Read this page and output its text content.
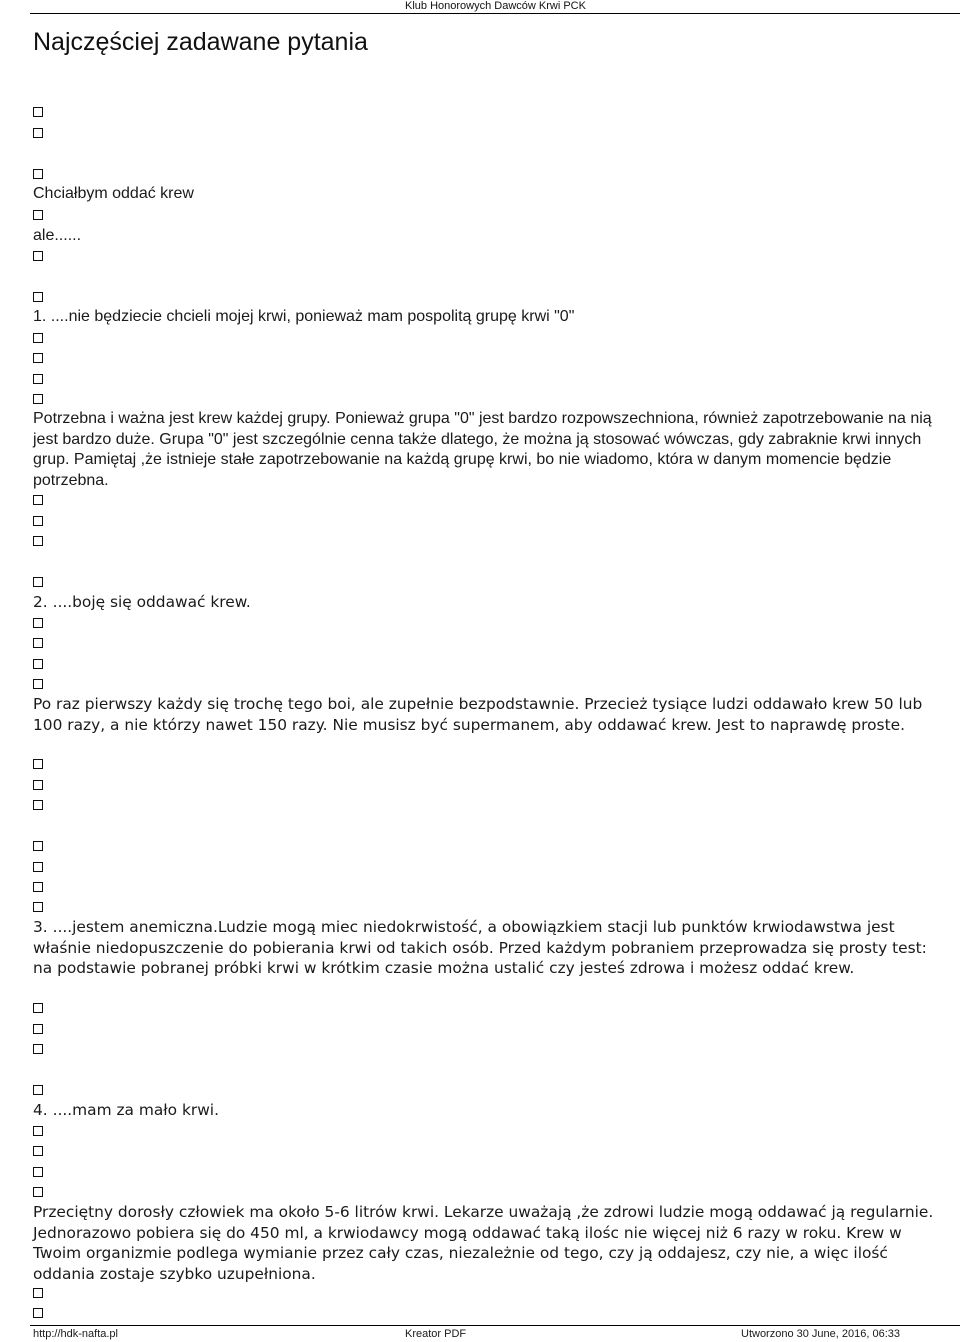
Klub Honorowych Dawców Krwi PCK
Najczęściej zadawane pytania
Chciałbym oddać krew
ale......
1. ....nie będziecie chcieli mojej krwi, ponieważ mam pospolitą grupę krwi "0"

Potrzebna i ważna jest krew każdej grupy. Ponieważ grupa "0" jest bardzo rozpowszechniona, również zapotrzebowanie na nią jest bardzo duże. Grupa "0" jest szczególnie cenna także dlatego, że można ją stosować wówczas, gdy zabraknie krwi innych grup. Pamiętaj ,że istnieje stałe zapotrzebowanie na każdą grupę krwi, bo nie wiadomo, która w danym momencie będzie potrzebna.

2. ....boję się oddawać krew.

Po raz pierwszy każdy się trochę tego boi, ale zupełnie bezpodstawnie. Przecież tysiące ludzi oddawało krew 50 lub 100 razy, a nie którzy nawet 150 razy. Nie musisz być supermanem, aby oddawać krew. Jest to naprawdę proste.

3. ....jestem anemiczna.Ludzie mogą miec niedokrwistość, a obowiązkiem stacji lub punktów krwiodawstwa jest właśnie niedopuszczenie do pobierania krwi od takich osób. Przed każdym pobraniem przeprowadza się prosty test: na podstawie pobranej próbki krwi w krótkim czasie można ustalić czy jesteś zdrowa i możesz oddać krew.

4. ....mam za mało krwi.

Przeciętny dorosły człowiek ma około 5-6 litrów krwi. Lekarze uważają ,że zdrowi ludzie mogą oddawać ją regularnie. Jednorazowo pobiera się do 450 ml, a krwiodawcy mogą oddawać taką ilośc nie więcej niż 6 razy w roku. Krew w Twoim organizmie podlega wymianie przez cały czas, niezależnie od tego, czy ją oddajesz, czy nie, a więc ilość oddania zostaje szybko uzupełniona.

http://hdk-nafta.pl	Kreator PDF	Utworzono 30 June, 2016, 06:33
